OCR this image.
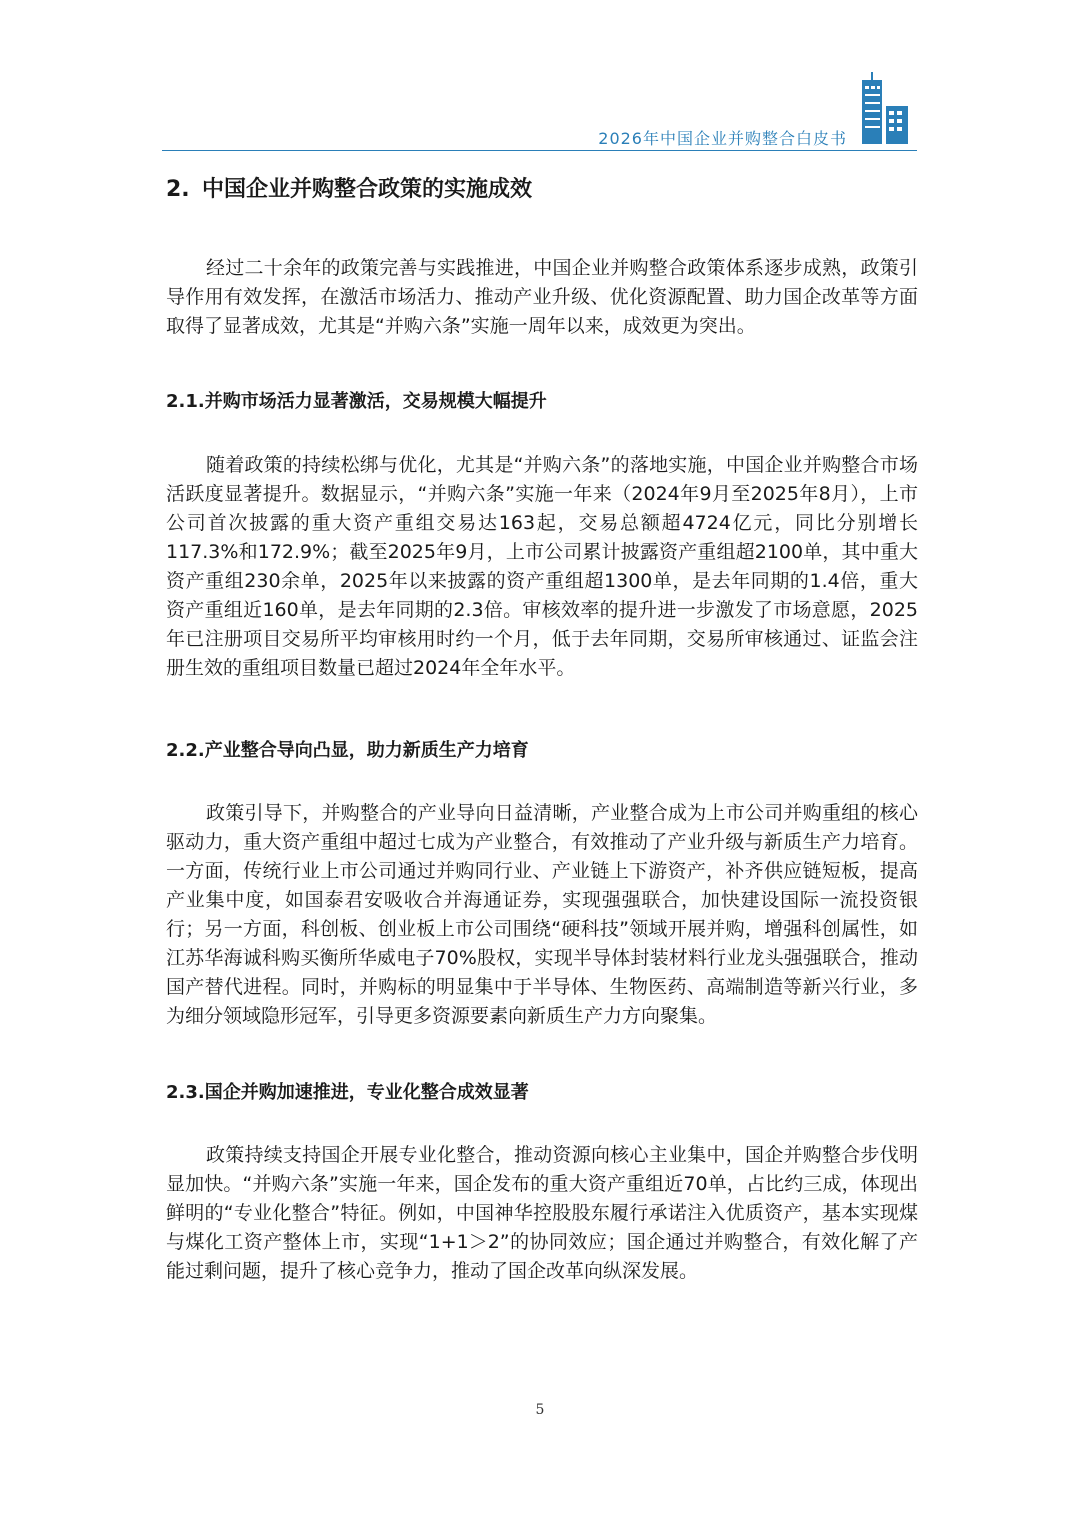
2026年中国企业并购整合白皮书
2. 中国企业并购整合政策的实施成效

经过二十余年的政策完善与实践推进，中国企业并购整合政策体系逐步成熟，政策引导作用有效发挥，在激活市场活力、推动产业升级、优化资源配置、助力国企改革等方面取得了显著成效，尤其是“并购六条”实施一周年以来，成效更为突出。

2.1.并购市场活力显著激活，交易规模大幅提升

随着政策的持续松绑与优化，尤其是“并购六条”的落地实施，中国企业并购整合市场活跃度显著提升。数据显示，“并购六条”实施一年来（2024年9月至2025年8月），上市公司首次披露的重大资产重组交易达163起，交易总额超4724亿元，同比分别增长117.3%和172.9%；截至2025年9月，上市公司累计披露资产重组超2100单，其中重大资产重组230余单，2025年以来披露的资产重组超1300单，是去年同期的1.4倍，重大资产重组近160单，是去年同期的2.3倍。审核效率的提升进一步激发了市场意愿，2025年已注册项目交易所平均审核用时约一个月，低于去年同期，交易所审核通过、证监会注册生效的重组项目数量已超过2024年全年水平。

2.2.产业整合导向凸显，助力新质生产力培育

政策引导下，并购整合的产业导向日益清晰，产业整合成为上市公司并购重组的核心驱动力，重大资产重组中超过七成为产业整合，有效推动了产业升级与新质生产力培育。一方面，传统行业上市公司通过并购同行业、产业链上下游资产，补齐供应链短板，提高产业集中度，如国泰君安吸收合并海通证券，实现强强联合，加快建设国际一流投资银行；另一方面，科创板、创业板上市公司围绕“硬科技”领域开展并购，增强科创属性，如江苏华海诚科购买衡所华威电子70%股权，实现半导体封装材料行业龙头强强联合，推动国产替代进程。同时，并购标的明显集中于半导体、生物医药、高端制造等新兴行业，多为细分领域隐形冠军，引导更多资源要素向新质生产力方向聚集。

2.3.国企并购加速推进，专业化整合成效显著

政策持续支持国企开展专业化整合，推动资源向核心主业集中，国企并购整合步伐明显加快。“并购六条”实施一年来，国企发布的重大资产重组近70单，占比约三成，体现出鲜明的“专业化整合”特征。例如，中国神华控股股东履行承诺注入优质资产，基本实现煤与煤化工资产整体上市，实现“1+1＞2”的协同效应；国企通过并购整合，有效化解了产能过剩问题，提升了核心竞争力，推动了国企改革向纵深发展。

5
